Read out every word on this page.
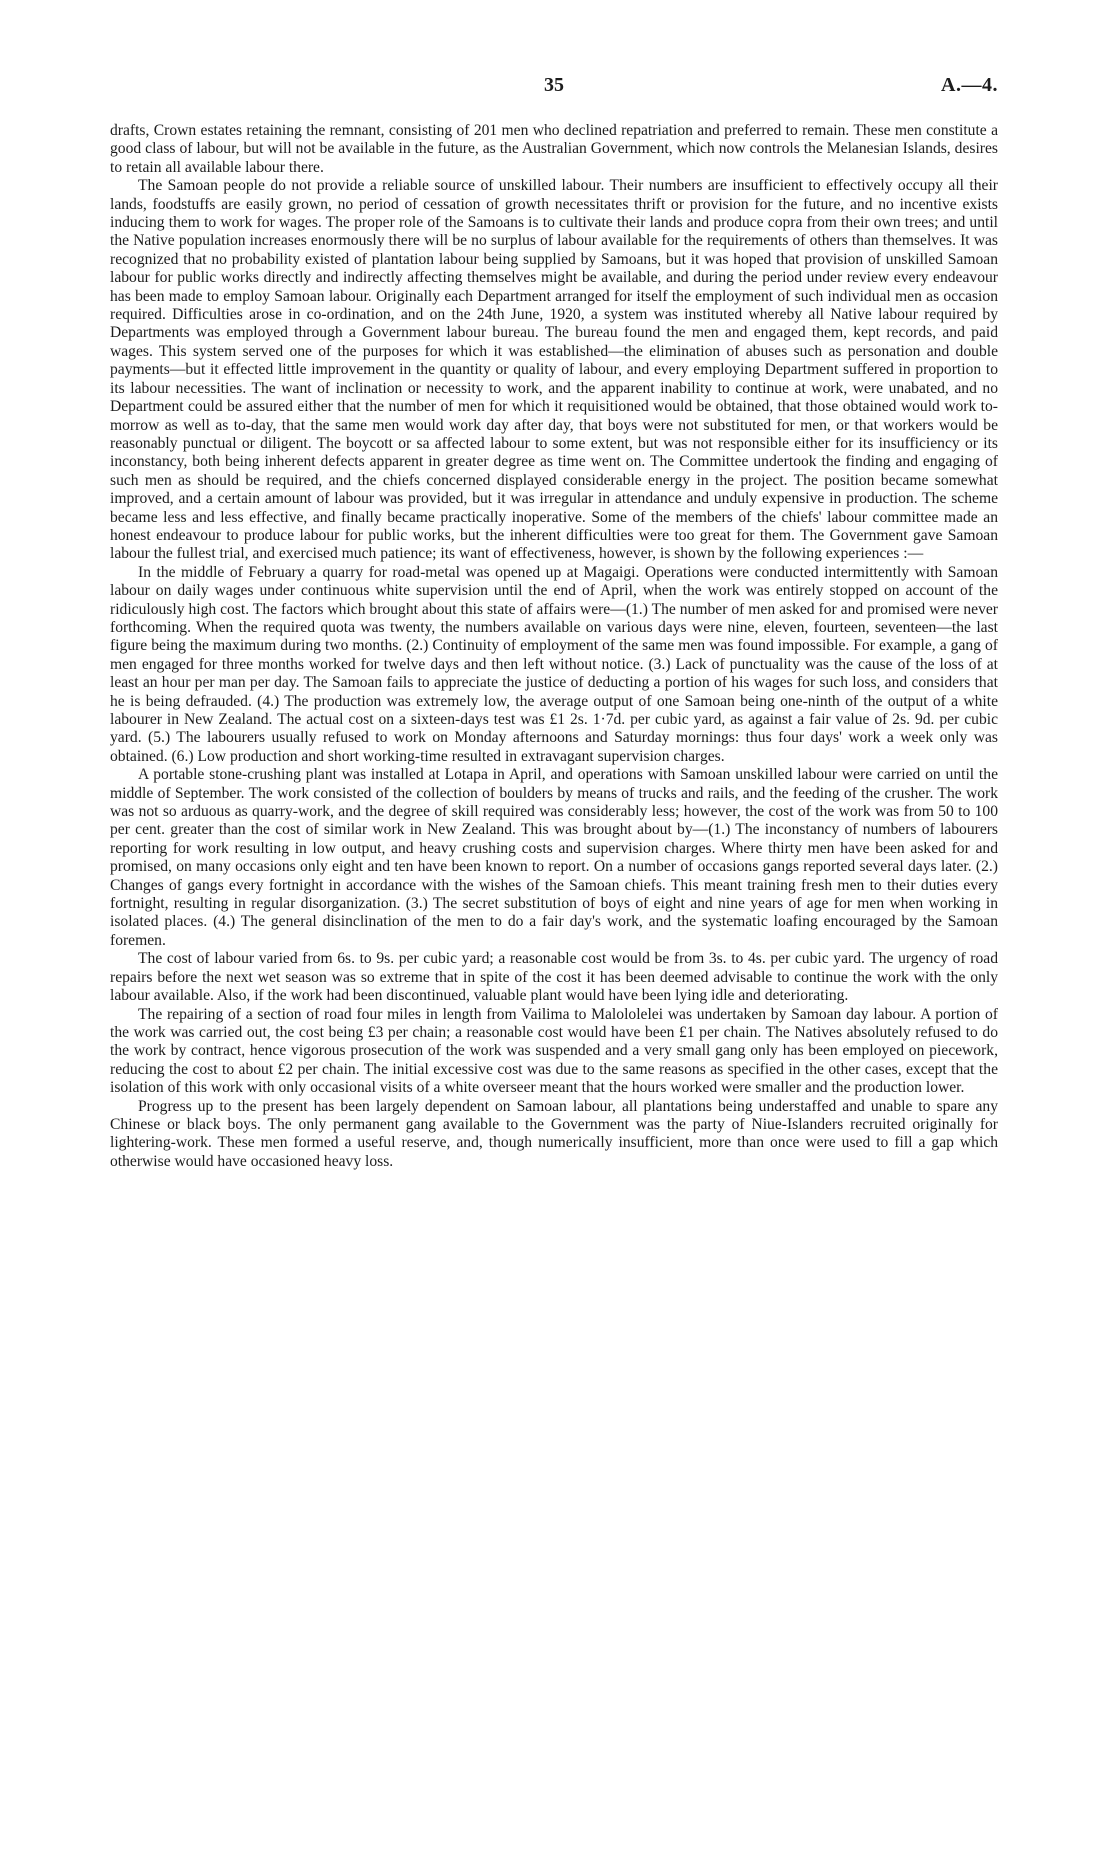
35	A.—4.

drafts, Crown estates retaining the remnant, consisting of 201 men who declined repatriation and preferred to remain. These men constitute a good class of labour, but will not be available in the future, as the Australian Government, which now controls the Melanesian Islands, desires to retain all available labour there.

The Samoan people do not provide a reliable source of unskilled labour. Their numbers are insufficient to effectively occupy all their lands, foodstuffs are easily grown, no period of cessation of growth necessitates thrift or provision for the future, and no incentive exists inducing them to work for wages. The proper role of the Samoans is to cultivate their lands and produce copra from their own trees; and until the Native population increases enormously there will be no surplus of labour available for the requirements of others than themselves. It was recognized that no probability existed of plantation labour being supplied by Samoans, but it was hoped that provision of unskilled Samoan labour for public works directly and indirectly affecting themselves might be available, and during the period under review every endeavour has been made to employ Samoan labour. Originally each Department arranged for itself the employment of such individual men as occasion required. Difficulties arose in co-ordination, and on the 24th June, 1920, a system was instituted whereby all Native labour required by Departments was employed through a Government labour bureau. The bureau found the men and engaged them, kept records, and paid wages. This system served one of the purposes for which it was established—the elimination of abuses such as personation and double payments—but it effected little improvement in the quantity or quality of labour, and every employing Department suffered in proportion to its labour necessities. The want of inclination or necessity to work, and the apparent inability to continue at work, were unabated, and no Department could be assured either that the number of men for which it requisitioned would be obtained, that those obtained would work to-morrow as well as to-day, that the same men would work day after day, that boys were not substituted for men, or that workers would be reasonably punctual or diligent. The boycott or sa affected labour to some extent, but was not responsible either for its insufficiency or its inconstancy, both being inherent defects apparent in greater degree as time went on. The Committee undertook the finding and engaging of such men as should be required, and the chiefs concerned displayed considerable energy in the project. The position became somewhat improved, and a certain amount of labour was provided, but it was irregular in attendance and unduly expensive in production. The scheme became less and less effective, and finally became practically inoperative. Some of the members of the chiefs' labour committee made an honest endeavour to produce labour for public works, but the inherent difficulties were too great for them. The Government gave Samoan labour the fullest trial, and exercised much patience; its want of effectiveness, however, is shown by the following experiences :—

In the middle of February a quarry for road-metal was opened up at Magaigi. Operations were conducted intermittently with Samoan labour on daily wages under continuous white supervision until the end of April, when the work was entirely stopped on account of the ridiculously high cost. The factors which brought about this state of affairs were—(1.) The number of men asked for and promised were never forthcoming. When the required quota was twenty, the numbers available on various days were nine, eleven, fourteen, seventeen—the last figure being the maximum during two months. (2.) Continuity of employment of the same men was found impossible. For example, a gang of men engaged for three months worked for twelve days and then left without notice. (3.) Lack of punctuality was the cause of the loss of at least an hour per man per day. The Samoan fails to appreciate the justice of deducting a portion of his wages for such loss, and considers that he is being defrauded. (4.) The production was extremely low, the average output of one Samoan being one-ninth of the output of a white labourer in New Zealand. The actual cost on a sixteen-days test was £1 2s. 1·7d. per cubic yard, as against a fair value of 2s. 9d. per cubic yard. (5.) The labourers usually refused to work on Monday afternoons and Saturday mornings: thus four days' work a week only was obtained. (6.) Low production and short working-time resulted in extravagant supervision charges.

A portable stone-crushing plant was installed at Lotapa in April, and operations with Samoan unskilled labour were carried on until the middle of September. The work consisted of the collection of boulders by means of trucks and rails, and the feeding of the crusher. The work was not so arduous as quarry-work, and the degree of skill required was considerably less; however, the cost of the work was from 50 to 100 per cent. greater than the cost of similar work in New Zealand. This was brought about by—(1.) The inconstancy of numbers of labourers reporting for work resulting in low output, and heavy crushing costs and supervision charges. Where thirty men have been asked for and promised, on many occasions only eight and ten have been known to report. On a number of occasions gangs reported several days later. (2.) Changes of gangs every fortnight in accordance with the wishes of the Samoan chiefs. This meant training fresh men to their duties every fortnight, resulting in regular disorganization. (3.) The secret substitution of boys of eight and nine years of age for men when working in isolated places. (4.) The general disinclination of the men to do a fair day's work, and the systematic loafing encouraged by the Samoan foremen.

The cost of labour varied from 6s. to 9s. per cubic yard; a reasonable cost would be from 3s. to 4s. per cubic yard. The urgency of road repairs before the next wet season was so extreme that in spite of the cost it has been deemed advisable to continue the work with the only labour available. Also, if the work had been discontinued, valuable plant would have been lying idle and deteriorating.

The repairing of a section of road four miles in length from Vailima to Malololelei was undertaken by Samoan day labour. A portion of the work was carried out, the cost being £3 per chain; a reasonable cost would have been £1 per chain. The Natives absolutely refused to do the work by contract, hence vigorous prosecution of the work was suspended and a very small gang only has been employed on piecework, reducing the cost to about £2 per chain. The initial excessive cost was due to the same reasons as specified in the other cases, except that the isolation of this work with only occasional visits of a white overseer meant that the hours worked were smaller and the production lower.

Progress up to the present has been largely dependent on Samoan labour, all plantations being understaffed and unable to spare any Chinese or black boys. The only permanent gang available to the Government was the party of Niue-Islanders recruited originally for lightering-work. These men formed a useful reserve, and, though numerically insufficient, more than once were used to fill a gap which otherwise would have occasioned heavy loss.
